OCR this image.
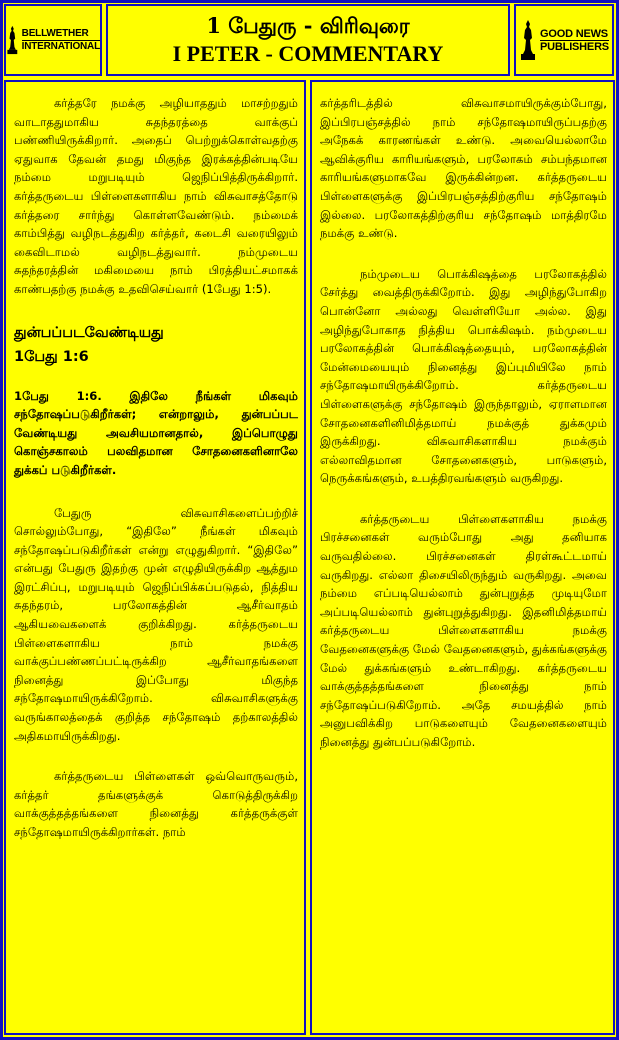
BELLWETHER
INTERNATIONAL
1 பேதுரு - விரிவுரை
I PETER - COMMENTARY
GOOD NEWS
PUBLISHERS

கர்த்தரே நமக்கு அழியாததும் மாசற்றதும் வாடாததுமாகிய சுதந்தரத்தை வாக்குப் பண்ணியிருக்கிறார். அதைப் பெற்றுக்கொள்வதற்கு ஏதுவாக தேவன் தமது மிகுந்த இரக்கத்தின்படியே நம்மை மறுபடியும் ஜெநிப்பித்திருக்கிறார். கர்த்தருடைய பிள்ளைகளாகிய நாம் விசுவாசத்தோடு கர்த்தரை சார்ந்து கொள்ளவேண்டும். நம்மைக் காம்பித்து வழிநடத்துகிற கர்த்தர், கடைசி வரையிலும் கைவிடாமல் வழிநடத்துவார். நம்முடைய சுதந்தரத்தின் மகிமையை நாம் பிரத்தியட்சமாகக் காண்பதற்கு நமக்கு உதவிசெய்வார் (1பேது 1:5).

துன்பப்படவேண்டியது
1பேது 1:6
1பேது 1:6. இதிலே நீங்கள் மிகவும் சந்தோஷப்படுகிறீர்கள்; என்றாலும், துன்பப்பட வேண்டியது அவசியமானதால், இப்பொழுது கொஞ்சகாலம் பலவிதமான சோதனைகளினாலே துக்கப் படுகிறீர்கள்.

பேதுரு விசுவாசிகளைப்பற்றிச் சொல்லும்போது, “இதிலே” நீங்கள் மிகவும் சந்தோஷப்படுகிறீர்கள் என்று எழுதுகிறார். “இதிலே” என்பது பேதுரு இதற்கு முன் எழுதியிருக்கிற ஆத்தும இரட்சிப்பு, மறுபடியும் ஜெநிப்பிக்கப்படுதல், நித்திய சுதந்தரம், பரலோகத்தின் ஆசீர்வாதம் ஆகியவைகளைக் குறிக்கிறது. கர்த்தருடைய பிள்ளைகளாகிய நாம் நமக்கு வாக்குப்பண்ணப்பட்டிருக்கிற ஆசீர்வாதங்களை நினைத்து இப்போது மிகுந்த சந்தோஷமாயிருக்கிறோம். விசுவாசிகளுக்கு வருங்காலத்தைக் குறித்த சந்தோஷம் தற்காலத்தில் அதிகமாயிருக்கிறது.

கர்த்தருடைய பிள்ளைகள் ஒவ்வொருவரும், கர்த்தர் தங்களுக்குக் கொடுத்திருக்கிற வாக்குத்தத்தங்களை நினைத்து கர்த்தருக்குள் சந்தோஷமாயிருக்கிறார்கள். நாம்

கர்த்தரிடத்தில் விசுவாசமாயிருக்கும்போது, இப்பிரபஞ்சத்தில் நாம் சந்தோஷமாயிருப்பதற்கு அநேகக் காரணங்கள் உண்டு. அவையெல்லாமே ஆவிக்குரிய காரியங்களும், பரலோகம் சம்பந்தமான காரியங்களுமாகவே இருக்கின்றன. கர்த்தருடைய பிள்ளைகளுக்கு இப்பிரபஞ்சத்திற்குரிய சந்தோஷம் இல்லை. பரலோகத்திற்குரிய சந்தோஷம் மாத்திரமே நமக்கு உண்டு.

நம்முடைய பொக்கிஷத்தை பரலோகத்தில் சேர்த்து வைத்திருக்கிறோம். இது அழிந்துபோகிற பொன்னோ அல்லது வெள்ளியோ அல்ல. இது அழிந்துபோகாத நித்திய பொக்கிஷம். நம்முடைய பரலோகத்தின் பொக்கிஷத்தையும், பரலோகத்தின் மேன்மையையும் நினைத்து இப்புமியிலே நாம் சந்தோஷமாயிருக்கிறோம். கர்த்தருடைய பிள்ளைகளுக்கு சந்தோஷம் இருந்தாலும், ஏராளமான சோதனைகளினிமித்தமாய் நமக்குத் துக்கமும் இருக்கிறது. விசுவாசிகளாகிய நமக்கும் எல்லாவிதமான சோதனைகளும், பாடுகளும், நெருக்கங்களும், உபத்திரவங்களும் வருகிறது.

கர்த்தருடைய பிள்ளைகளாகிய நமக்கு பிரச்சனைகள் வரும்போது அது தனியாக வருவதில்லை. பிரச்சனைகள் திரள்கூட்டமாய் வருகிறது. எல்லா திசையிலிருந்தும் வருகிறது. அவை நம்மை எப்படியெல்லாம் துன்புறுத்த முடியுமோ அப்படியெல்லாம் துன்புறுத்துகிறது. இதனிமித்தமாய் கர்த்தருடைய பிள்ளைகளாகிய நமக்கு வேதனைகளுக்கு மேல் வேதனைகளும், துக்கங்களுக்கு மேல் துக்கங்களும் உண்டாகிறது. கர்த்தருடைய வாக்குத்தத்தங்களை நினைத்து நாம் சந்தோஷப்படுகிறோம். அதே சமயத்தில் நாம் அனுபவிக்கிற பாடுகளையும் வேதனைகளையும் நினைத்து துன்பப்படுகிறோம்.
